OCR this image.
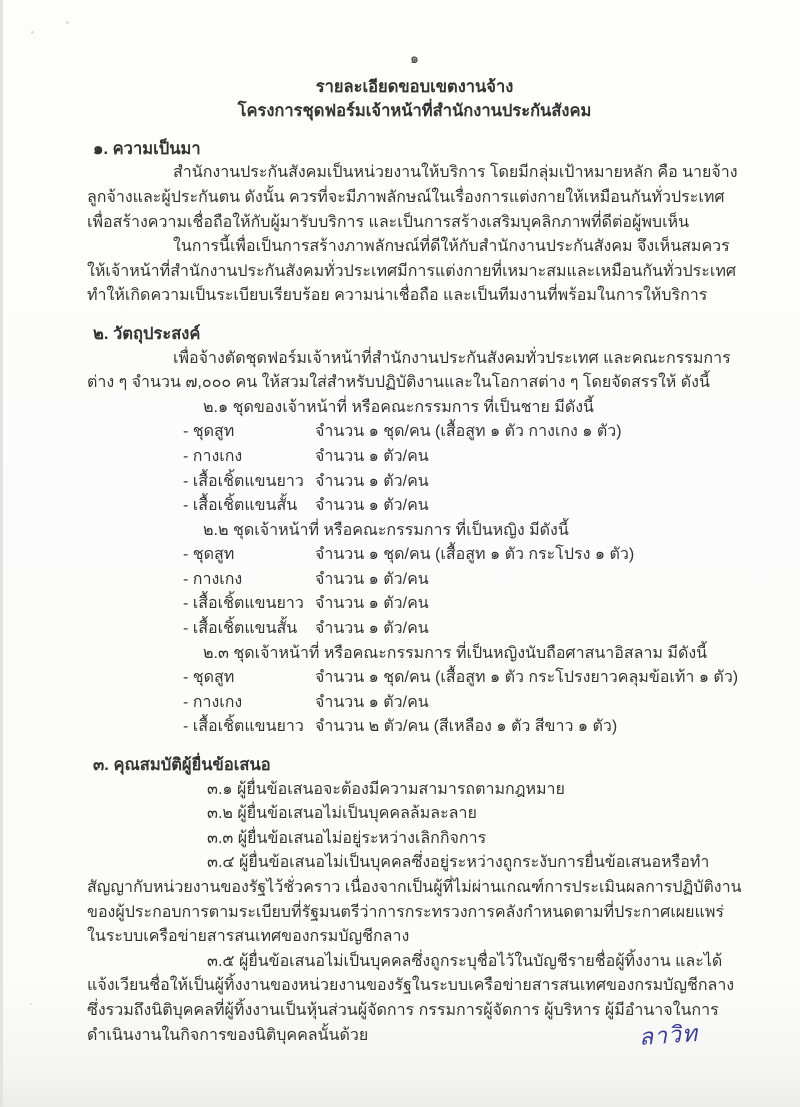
๑
รายละเอียดขอบเขตงานจ้าง
โครงการชุดฟอร์มเจ้าหน้าที่สำนักงานประกันสังคม
๑. ความเป็นมา

สำนักงานประกันสังคมเป็นหน่วยงานให้บริการ โดยมีกลุ่มเป้าหมายหลัก คือ นายจ้าง ลูกจ้างและผู้ประกันตน ดังนั้น ควรที่จะมีภาพลักษณ์ในเรื่องการแต่งกายให้เหมือนกันทั่วประเทศ เพื่อสร้างความเชื่อถือให้กับผู้มารับบริการ และเป็นการสร้างเสริมบุคลิกภาพที่ดีต่อผู้พบเห็น

ในการนี้เพื่อเป็นการสร้างภาพลักษณ์ที่ดีให้กับสำนักงานประกันสังคม จึงเห็นสมควรให้เจ้าหน้าที่สำนักงานประกันสังคมทั่วประเทศมีการแต่งกายที่เหมาะสมและเหมือนกันทั่วประเทศ ทำให้เกิดความเป็นระเบียบเรียบร้อย ความน่าเชื่อถือ และเป็นทีมงานที่พร้อมในการให้บริการ

๒. วัตถุประสงค์

เพื่อจ้างตัดชุดฟอร์มเจ้าหน้าที่สำนักงานประกันสังคมทั่วประเทศ และคณะกรรมการต่าง ๆ จำนวน ๗,๐๐๐ คน ให้สวมใส่สำหรับปฏิบัติงานและในโอกาสต่าง ๆ โดยจัดสรรให้ ดังนี้

๒.๑ ชุดของเจ้าหน้าที่ หรือคณะกรรมการ ที่เป็นชาย มีดังนี้

- ชุดสูท	จำนวน ๑ ชุด/คน (เสื้อสูท ๑ ตัว กางเกง ๑ ตัว)
- กางเกง	จำนวน ๑ ตัว/คน
- เสื้อเชิ้ตแขนยาว จำนวน ๑ ตัว/คน
- เสื้อเชิ้ตแขนสั้น	จำนวน ๑ ตัว/คน

๒.๒ ชุดเจ้าหน้าที่ หรือคณะกรรมการ ที่เป็นหญิง มีดังนี้

- ชุดสูท	จำนวน ๑ ชุด/คน (เสื้อสูท ๑ ตัว กระโปรง ๑ ตัว)
- กางเกง	จำนวน ๑ ตัว/คน
- เสื้อเชิ้ตแขนยาว จำนวน ๑ ตัว/คน
- เสื้อเชิ้ตแขนสั้น	จำนวน ๑ ตัว/คน

๒.๓ ชุดเจ้าหน้าที่ หรือคณะกรรมการ ที่เป็นหญิงนับถือศาสนาอิสลาม มีดังนี้

- ชุดสูท	จำนวน ๑ ชุด/คน (เสื้อสูท ๑ ตัว กระโปรงยาวคลุมข้อเท้า ๑ ตัว)
- กางเกง	จำนวน ๑ ตัว/คน
- เสื้อเชิ้ตแขนยาว จำนวน ๒ ตัว/คน (สีเหลือง ๑ ตัว สีขาว ๑ ตัว)
๓. คุณสมบัติผู้ยื่นข้อเสนอ

๓.๑ ผู้ยื่นข้อเสนอจะต้องมีความสามารถตามกฎหมาย

๓.๒ ผู้ยื่นข้อเสนอไม่เป็นบุคคลล้มละลาย

๓.๓ ผู้ยื่นข้อเสนอไม่อยู่ระหว่างเลิกกิจการ

๓.๔ ผู้ยื่นข้อเสนอไม่เป็นบุคคลซึ่งอยู่ระหว่างถูกระงับการยื่นข้อเสนอหรือทำสัญญากับหน่วยงานของรัฐไว้ชั่วคราว เนื่องจากเป็นผู้ที่ไม่ผ่านเกณฑ์การประเมินผลการปฏิบัติงานของผู้ประกอบการตามระเบียบที่รัฐมนตรีว่าการกระทรวงการคลังกำหนดตามที่ประกาศเผยแพร่ในระบบเครือข่ายสารสนเทศของกรมบัญชีกลาง

๓.๕ ผู้ยื่นข้อเสนอไม่เป็นบุคคลซึ่งถูกระบุชื่อไว้ในบัญชีรายชื่อผู้ทิ้งงาน และได้แจ้งเวียนชื่อให้เป็นผู้ทิ้งงานของหน่วยงานของรัฐในระบบเครือข่ายสารสนเทศของกรมบัญชีกลาง ซึ่งรวมถึงนิติบุคคลที่ผู้ทิ้งงานเป็นหุ้นส่วนผู้จัดการ กรรมการผู้จัดการ ผู้บริหาร ผู้มีอำนาจในการดำเนินงานในกิจการของนิติบุคคลนั้นด้วย	ลาวิท
